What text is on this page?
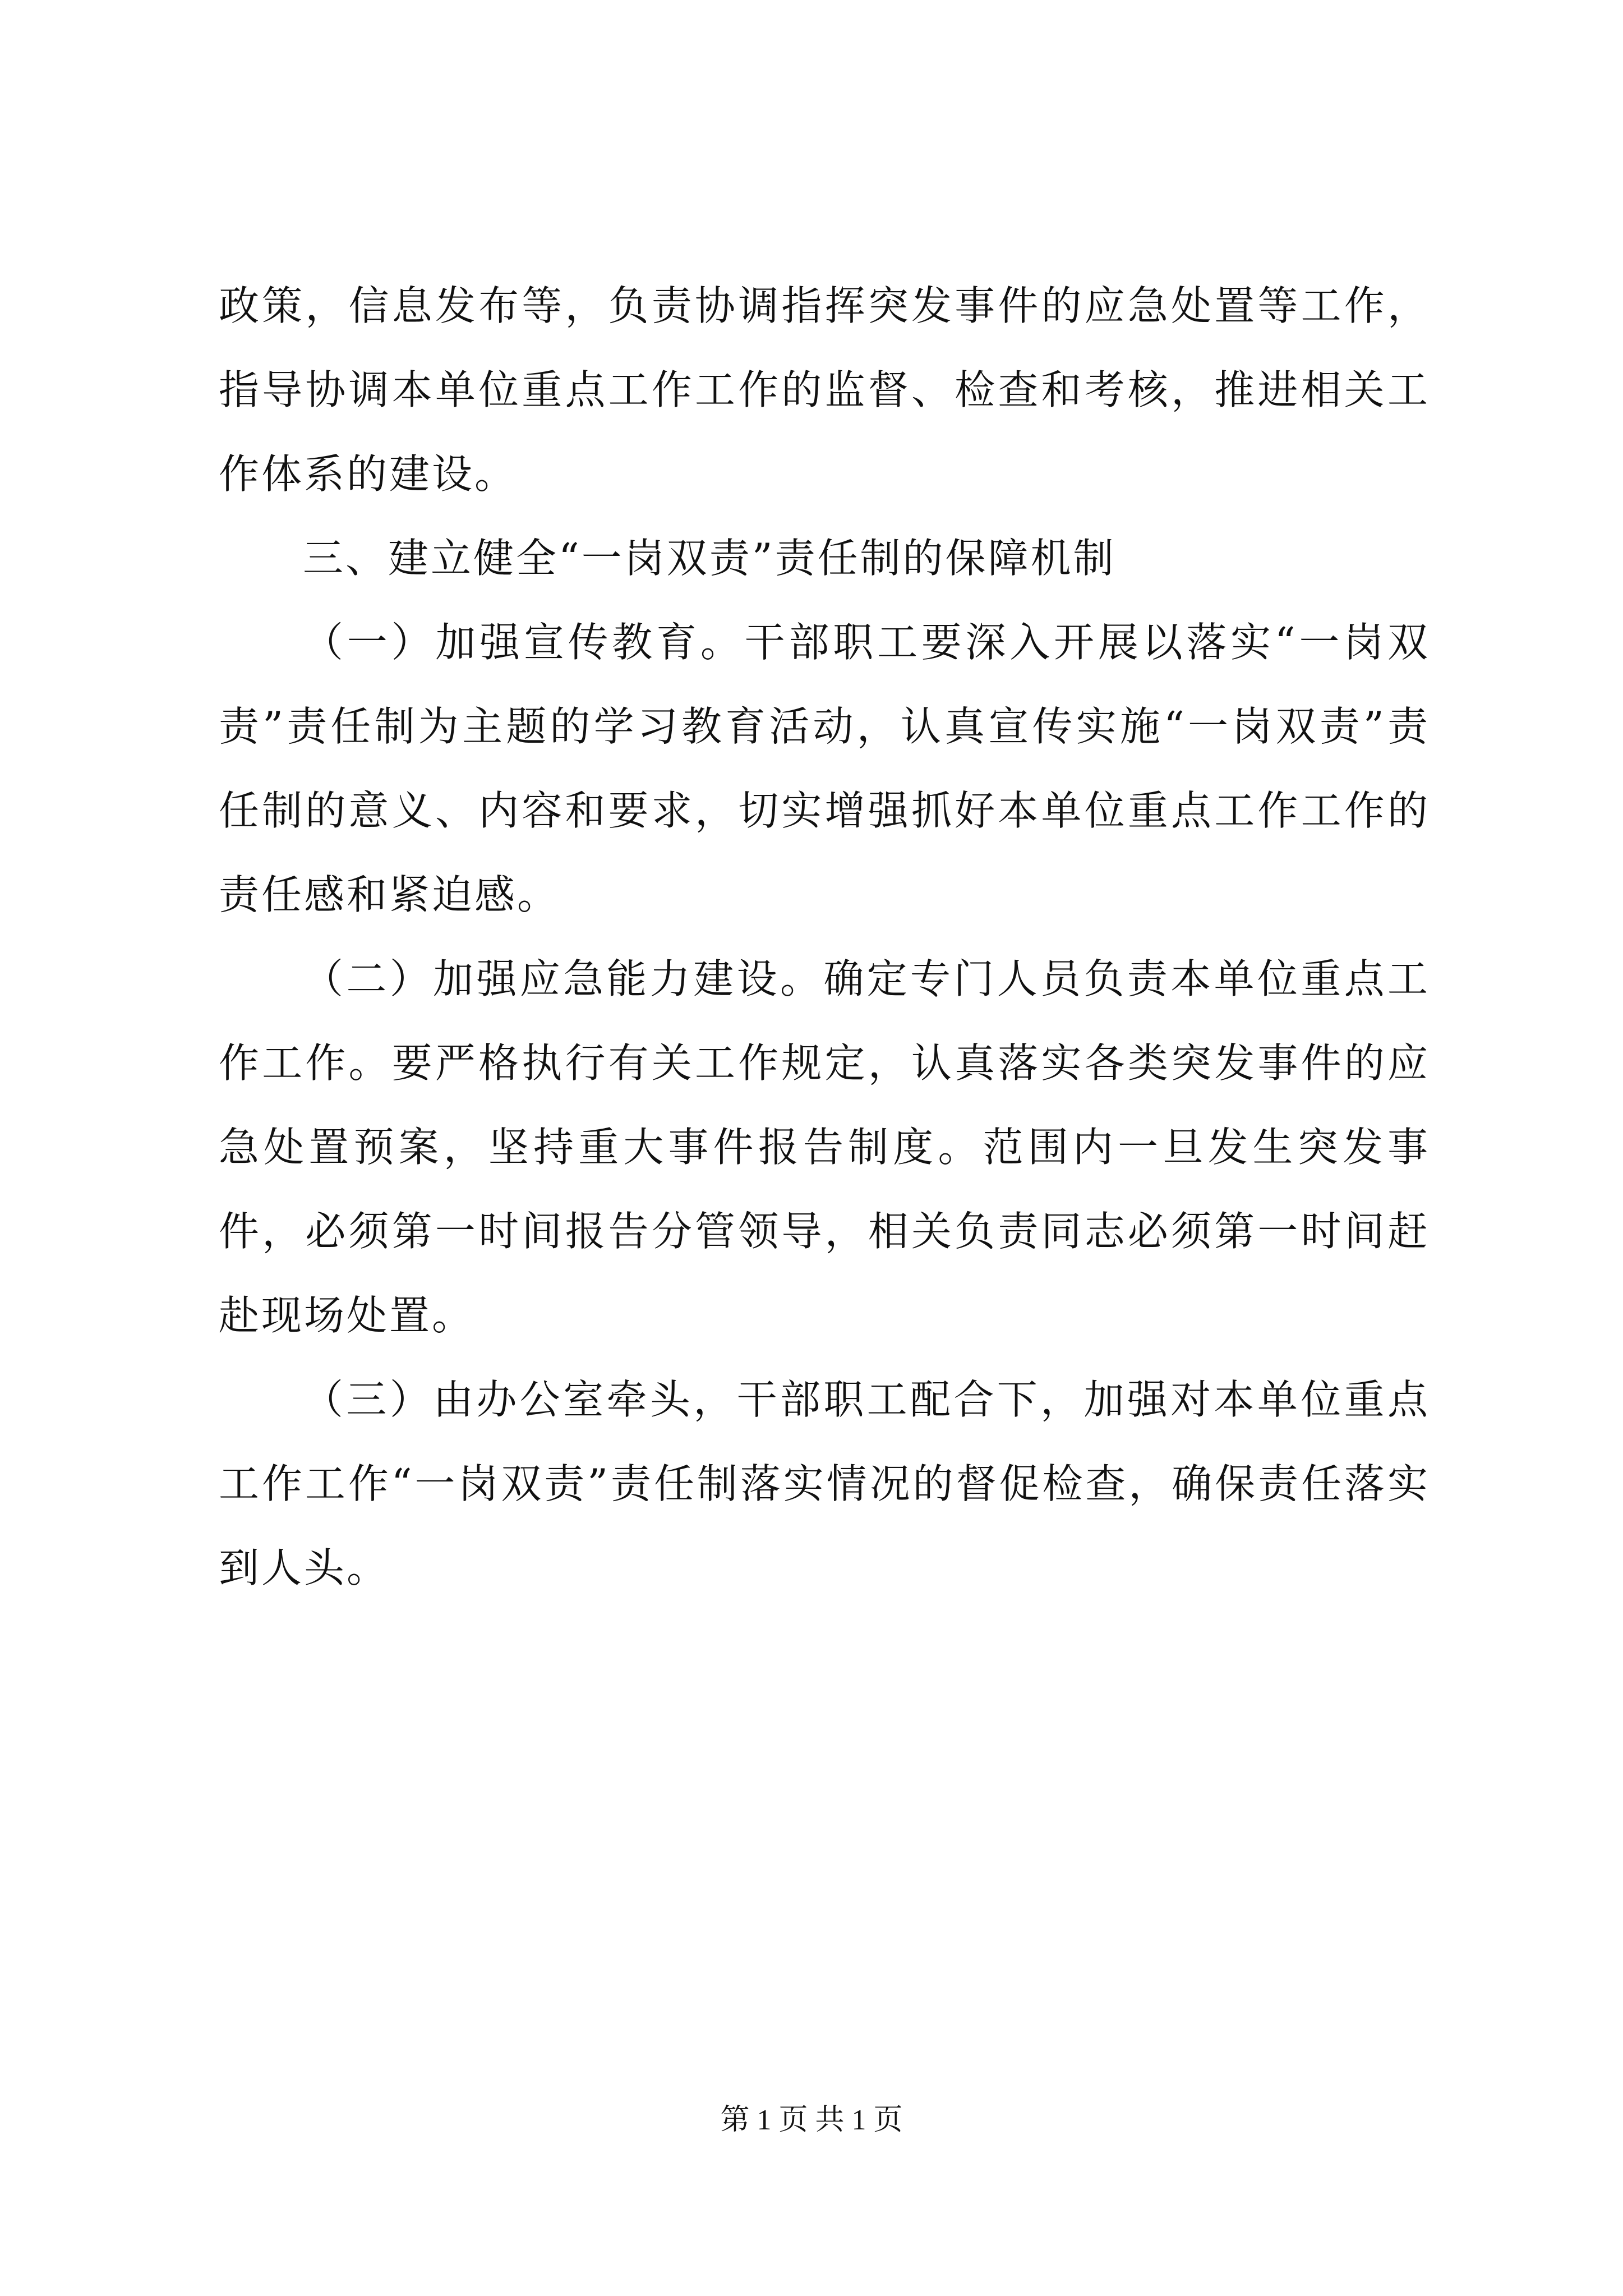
政策，信息发布等，负责协调指挥突发事件的应急处置等工作，指导协调本单位重点工作工作的监督、检查和考核，推进相关工作体系的建设。

三、建立健全“一岗双责”责任制的保障机制

（一）加强宣传教育。干部职工要深入开展以落实“一岗双责”责任制为主题的学习教育活动，认真宣传实施“一岗双责”责任制的意义、内容和要求，切实增强抓好本单位重点工作工作的责任感和紧迫感。

（二）加强应急能力建设。确定专门人员负责本单位重点工作工作。要严格执行有关工作规定，认真落实各类突发事件的应急处置预案，坚持重大事件报告制度。范围内一旦发生突发事件，必须第一时间报告分管领导，相关负责同志必须第一时间赶赴现场处置。

（三）由办公室牵头，干部职工配合下，加强对本单位重点工作工作“一岗双责”责任制落实情况的督促检查，确保责任落实到人头。

第 1 页 共 1 页
